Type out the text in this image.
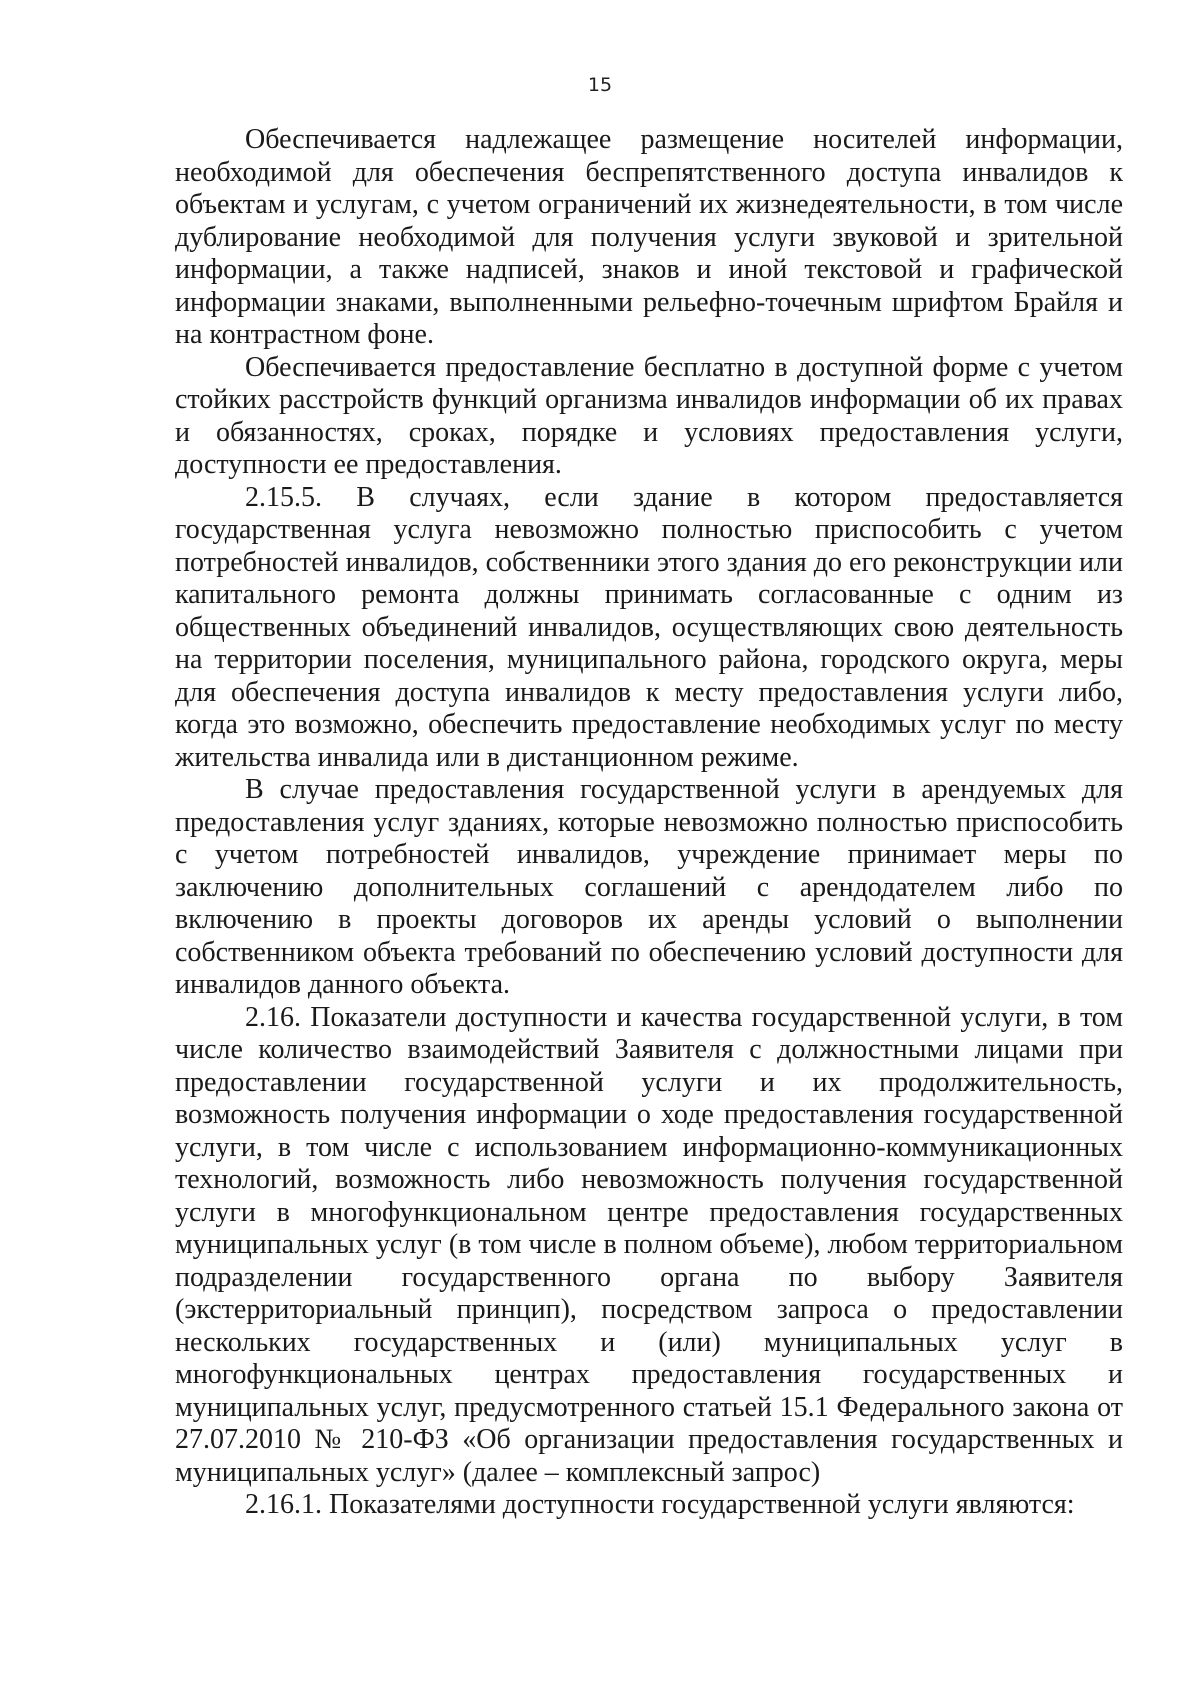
15

Обеспечивается надлежащее размещение носителей информации, необходимой для обеспечения беспрепятственного доступа инвалидов к объектам и услугам, с учетом ограничений их жизнедеятельности, в том числе дублирование необходимой для получения услуги звуковой и зрительной информации, а также надписей, знаков и иной текстовой и графической информации знаками, выполненными рельефно-точечным шрифтом Брайля и на контрастном фоне.

Обеспечивается предоставление бесплатно в доступной форме с учетом стойких расстройств функций организма инвалидов информации об их правах и обязанностях, сроках, порядке и условиях предоставления услуги, доступности ее предоставления.

2.15.5. В случаях, если здание в котором предоставляется государственная услуга невозможно полностью приспособить с учетом потребностей инвалидов, собственники этого здания до его реконструкции или капитального ремонта должны принимать согласованные с одним из общественных объединений инвалидов, осуществляющих свою деятельность на территории поселения, муниципального района, городского округа, меры для обеспечения доступа инвалидов к месту предоставления услуги либо, когда это возможно, обеспечить предоставление необходимых услуг по месту жительства инвалида или в дистанционном режиме.

В случае предоставления государственной услуги в арендуемых для предоставления услуг зданиях, которые невозможно полностью приспособить с учетом потребностей инвалидов, учреждение принимает меры по заключению дополнительных соглашений с арендодателем либо по включению в проекты договоров их аренды условий о выполнении собственником объекта требований по обеспечению условий доступности для инвалидов данного объекта.

2.16. Показатели доступности и качества государственной услуги, в том числе количество взаимодействий Заявителя с должностными лицами при предоставлении государственной услуги и их продолжительность, возможность получения информации о ходе предоставления государственной услуги, в том числе с использованием информационно-коммуникационных технологий, возможность либо невозможность получения государственной услуги в многофункциональном центре предоставления государственных муниципальных услуг (в том числе в полном объеме), любом территориальном подразделении государственного органа по выбору Заявителя (экстерриториальный принцип), посредством запроса о предоставлении нескольких государственных и (или) муниципальных услуг в многофункциональных центрах предоставления государственных и муниципальных услуг, предусмотренного статьей 15.1 Федерального закона от 27.07.2010 № 210-ФЗ «Об организации предоставления государственных и муниципальных услуг» (далее – комплексный запрос)

2.16.1. Показателями доступности государственной услуги являются:
